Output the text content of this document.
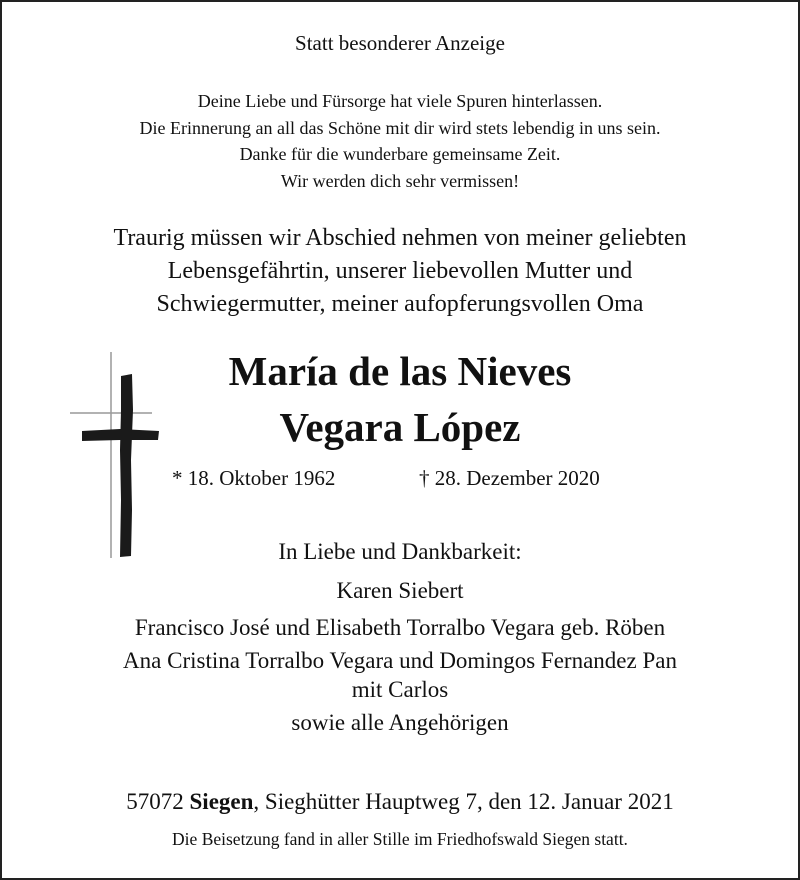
Statt besonderer Anzeige
Deine Liebe und Fürsorge hat viele Spuren hinterlassen.
Die Erinnerung an all das Schöne mit dir wird stets lebendig in uns sein.
Danke für die wunderbare gemeinsame Zeit.
Wir werden dich sehr vermissen!
Traurig müssen wir Abschied nehmen von meiner geliebten
Lebensgefährtin, unserer liebevollen Mutter und
Schwiegermutter, meiner aufopferungsvollen Oma
María de las Nieves
Vegara López
* 18. Oktober 1962	† 28. Dezember 2020
In Liebe und Dankbarkeit:
Karen Siebert
Francisco José und Elisabeth Torralbo Vegara geb. Röben
Ana Cristina Torralbo Vegara und Domingos Fernandez Pan
mit Carlos
sowie alle Angehörigen
57072 Siegen, Sieghütter Hauptweg 7, den 12. Januar 2021
Die Beisetzung fand in aller Stille im Friedhofswald Siegen statt.
